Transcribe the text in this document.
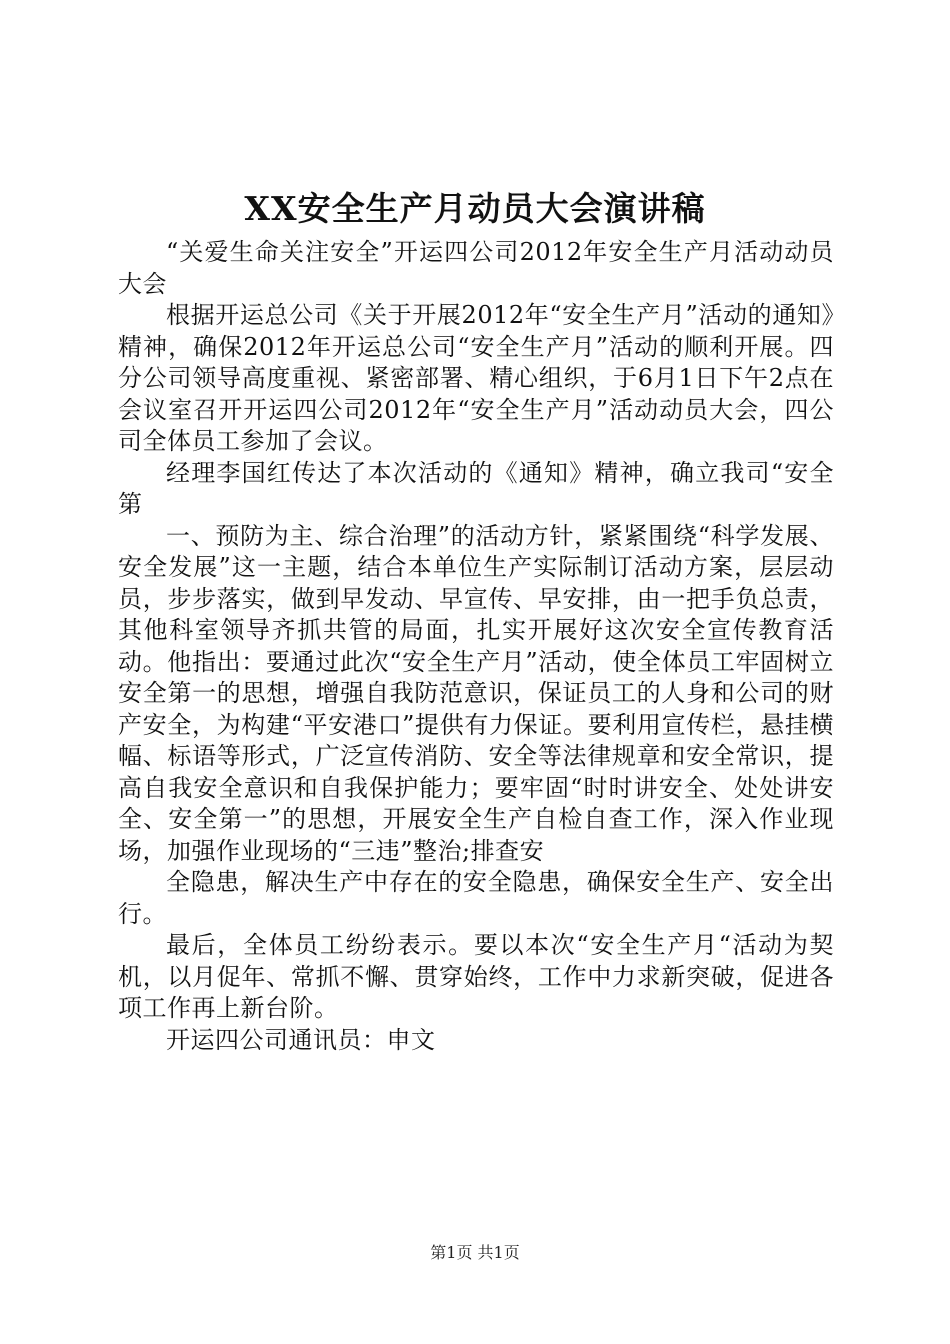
XX安全生产月动员大会演讲稿

“关爱生命关注安全”开运四公司2012年安全生产月活动动员大会

根据开运总公司《关于开展2012年“安全生产月”活动的通知》精神，确保2012年开运总公司“安全生产月”活动的顺利开展。四分公司领导高度重视、紧密部署、精心组织，于6月1日下午2点在会议室召开开运四公司2012年“安全生产月”活动动员大会，四公司全体员工参加了会议。

经理李国红传达了本次活动的《通知》精神，确立我司“安全第

一、预防为主、综合治理”的活动方针，紧紧围绕“科学发展、安全发展”这一主题，结合本单位生产实际制订活动方案，层层动员，步步落实，做到早发动、早宣传、早安排，由一把手负总责，其他科室领导齐抓共管的局面，扎实开展好这次安全宣传教育活动。他指出：要通过此次“安全生产月”活动，使全体员工牢固树立安全第一的思想，增强自我防范意识，保证员工的人身和公司的财产安全，为构建“平安港口”提供有力保证。要利用宣传栏，悬挂横幅、标语等形式，广泛宣传消防、安全等法律规章和安全常识，提高自我安全意识和自我保护能力；要牢固“时时讲安全、处处讲安全、安全第一”的思想，开展安全生产自检自查工作，深入作业现场，加强作业现场的“三违”整治;排查安

全隐患，解决生产中存在的安全隐患，确保安全生产、安全出行。

最后，全体员工纷纷表示。要以本次“安全生产月“活动为契机，以月促年、常抓不懈、贯穿始终，工作中力求新突破，促进各项工作再上新台阶。

开运四公司通讯员：申文

第1页 共1页
